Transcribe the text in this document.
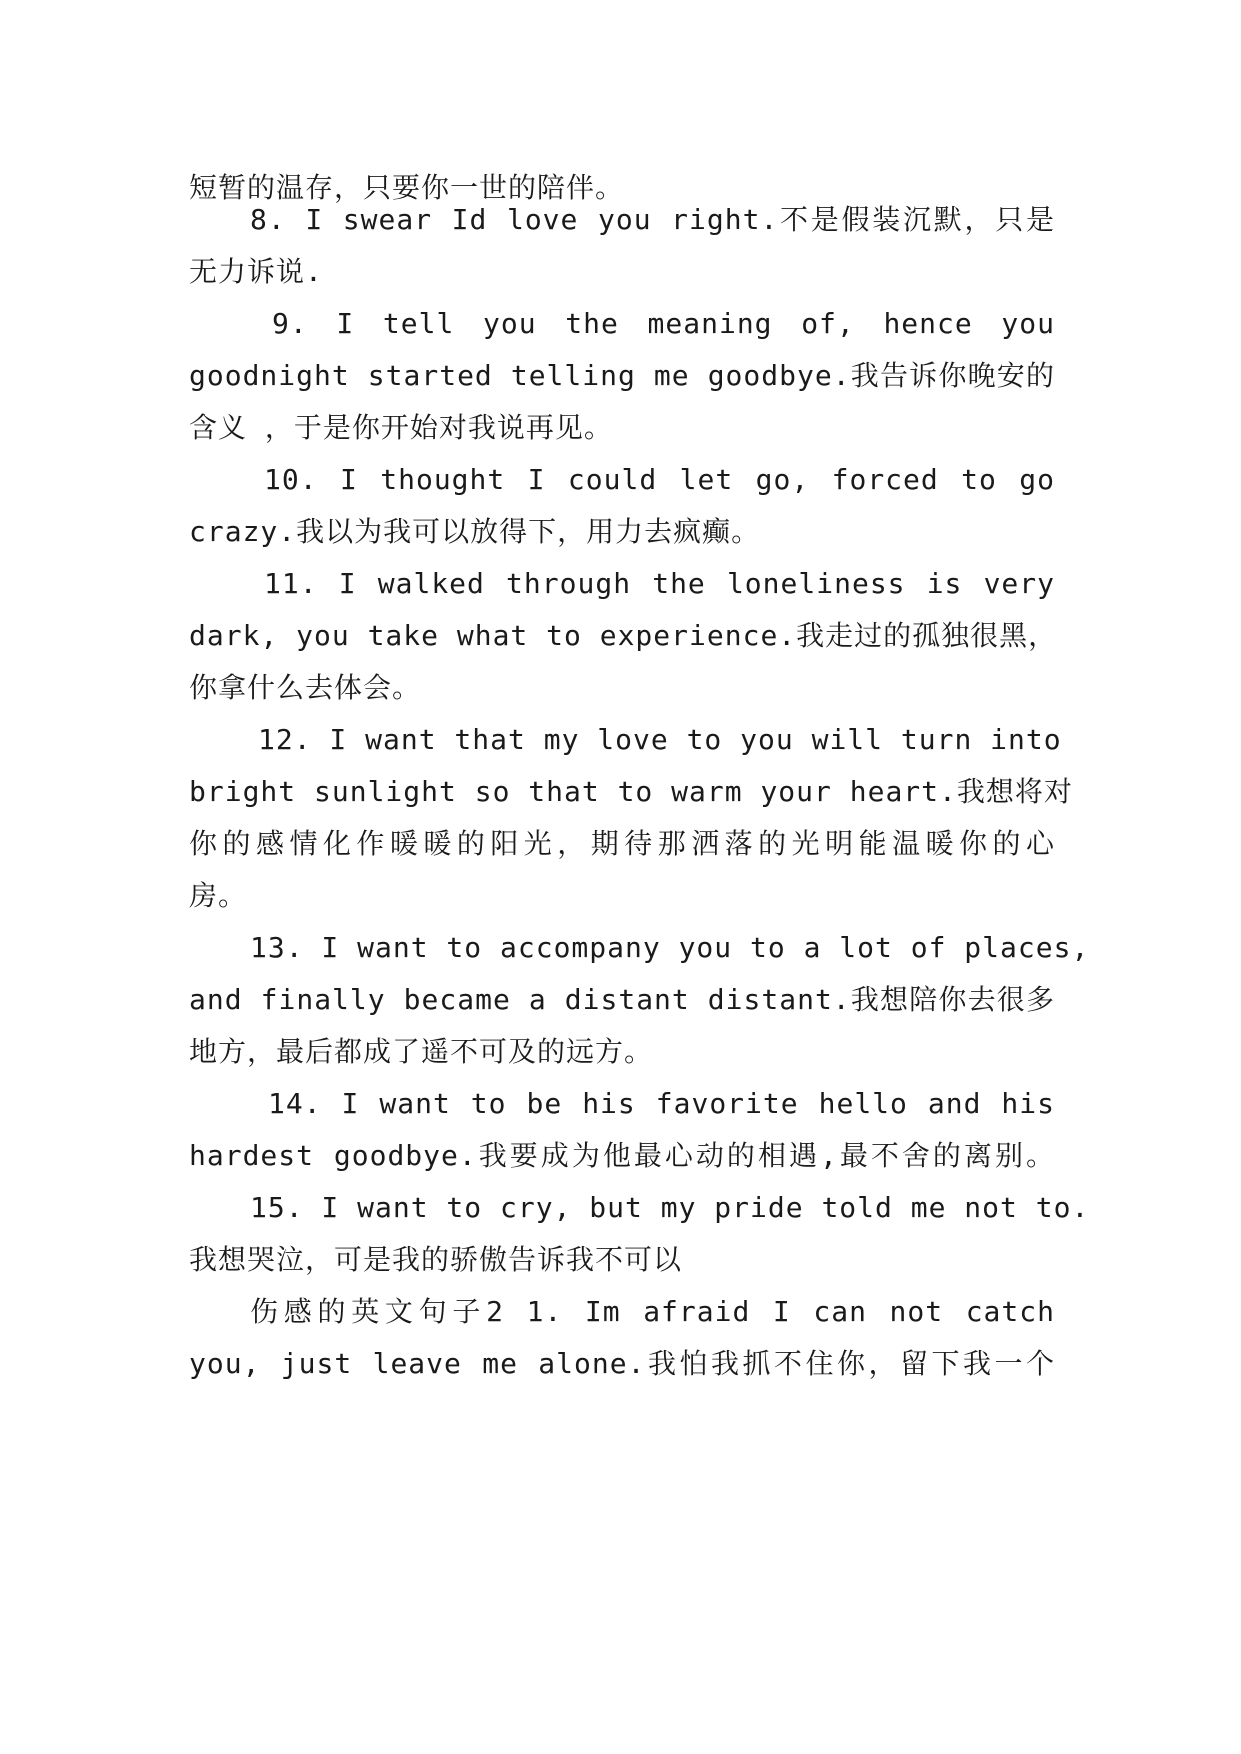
短暂的温存，只要你一世的陪伴。
8. I swear Id love you right.不是假装沉默，只是
无力诉说.
9. I tell you the meaning of, hence you
goodnight started telling me goodbye.我告诉你晚安的
含义 ，于是你开始对我说再见。
10. I thought I could let go, forced to go
crazy.我以为我可以放得下，用力去疯癫。
11. I walked through the loneliness is very
dark, you take what to experience.我走过的孤独很黑，
你拿什么去体会。
12. I want that my love to you will turn into
bright sunlight so that to warm your heart.我想将对
你的感情化作暖暖的阳光，期待那洒落的光明能温暖你的心
房。
13. I want to accompany you to a lot of places,
and finally became a distant distant.我想陪你去很多
地方，最后都成了遥不可及的远方。
14. I want to be his favorite hello and his
hardest goodbye.我要成为他最心动的相遇,最不舍的离别。
15. I want to cry, but my pride told me not to.
我想哭泣，可是我的骄傲告诉我不可以
伤感的英文句子2 1. Im afraid I can not catch
you, just leave me alone.我怕我抓不住你，留下我一个
